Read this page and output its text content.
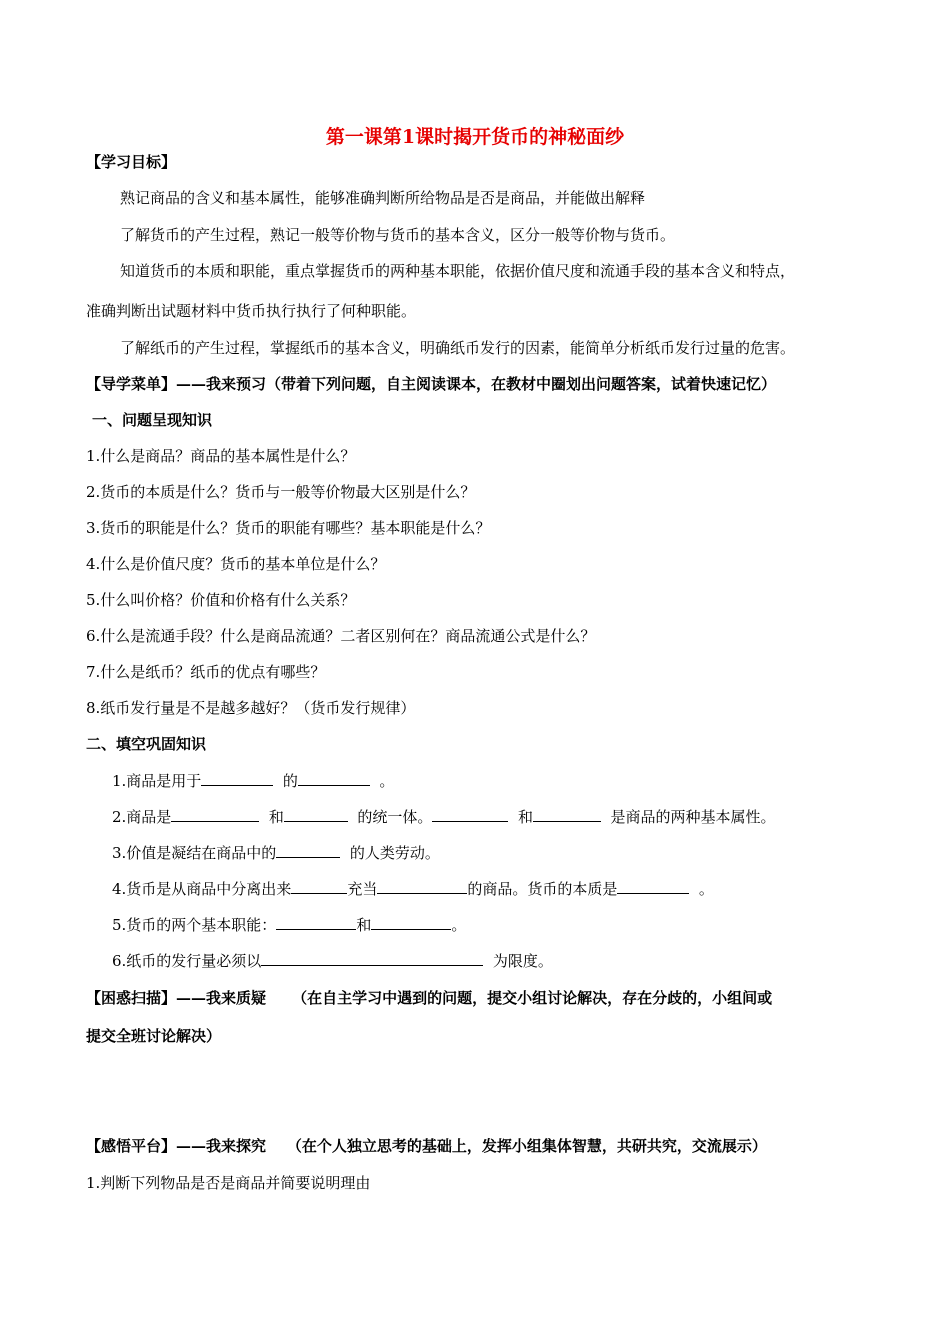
第一课第1课时揭开货币的神秘面纱
【学习目标】
熟记商品的含义和基本属性，能够准确判断所给物品是否是商品，并能做出解释
了解货币的产生过程，熟记一般等价物与货币的基本含义，区分一般等价物与货币。
知道货币的本质和职能，重点掌握货币的两种基本职能，依据价值尺度和流通手段的基本含义和特点，
准确判断出试题材料中货币执行执行了何种职能。
了解纸币的产生过程，掌握纸币的基本含义，明确纸币发行的因素，能简单分析纸币发行过量的危害。
【导学菜单】——我来预习（带着下列问题，自主阅读课本，在教材中圈划出问题答案，试着快速记忆）
一、问题呈现知识
1.什么是商品？商品的基本属性是什么？
2.货币的本质是什么？货币与一般等价物最大区别是什么？
3.货币的职能是什么？货币的职能有哪些？基本职能是什么？
4.什么是价值尺度？货币的基本单位是什么？
5.什么叫价格？价值和价格有什么关系？
6.什么是流通手段？什么是商品流通？二者区别何在？商品流通公式是什么？
7.什么是纸币？纸币的优点有哪些？
8.纸币发行量是不是越多越好？（货币发行规律）
二、填空巩固知识
1.商品是用于	的	。
2.商品是	和	的统一体。	和	是商品的两种基本属性。
3.价值是凝结在商品中的	的人类劳动。
4.货币是从商品中分离出来	充当	的商品。货币的本质是	。
5.货币的两个基本职能：	和	。
6.纸币的发行量必须以	为限度。
【困惑扫描】——我来质疑 （在自主学习中遇到的问题，提交小组讨论解决，存在分歧的，小组间或
提交全班讨论解决）
【感悟平台】——我来探究 （在个人独立思考的基础上，发挥小组集体智慧，共研共究，交流展示）
1.判断下列物品是否是商品并简要说明理由
